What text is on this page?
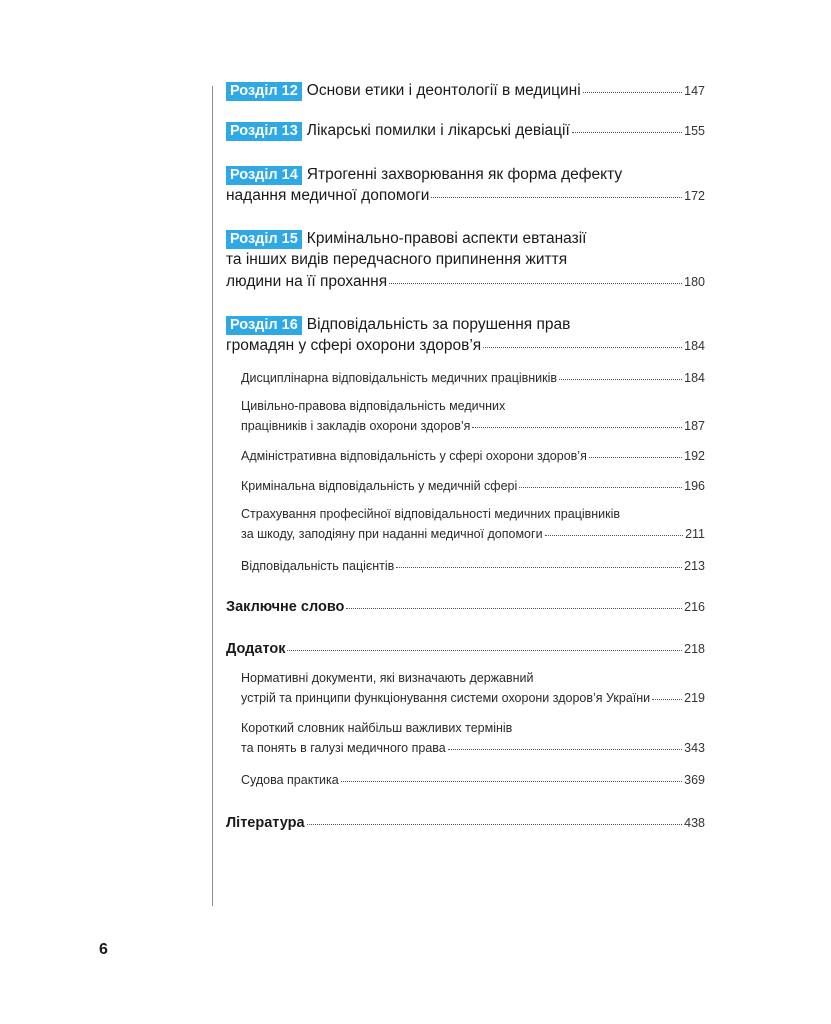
Розділ 12 Основи етики і деонтології в медицині	147
Розділ 13 Лікарські помилки і лікарські девіації	155
Розділ 14 Ятрогенні захворювання як форма дефекту
надання медичної допомоги	172
Розділ 15 Кримінально-правові аспекти евтаназії
та інших видів передчасного припинення життя
людини на її прохання	180
Розділ 16 Відповідальність за порушення прав
громадян у сфері охорони здоров’я	184
Дисциплінарна відповідальність медичних працівників	184
Цивільно-правова відповідальність медичних
працівників і закладів охорони здоров’я	187
Адміністративна відповідальність у сфері охорони здоров’я	192
Кримінальна відповідальність у медичній сфері	196
Страхування професійної відповідальності медичних працівників
за шкоду, заподіяну при наданні медичної допомоги	211
Відповідальність пацієнтів	213
Заключне слово	216
Додаток	218
Нормативні документи, які визначають державний
устрій та принципи функціонування системи охорони здоров’я України	219
Короткий словник найбільш важливих термінів
та понять в галузі медичного права	343
Судова практика	369
Література	438
6
